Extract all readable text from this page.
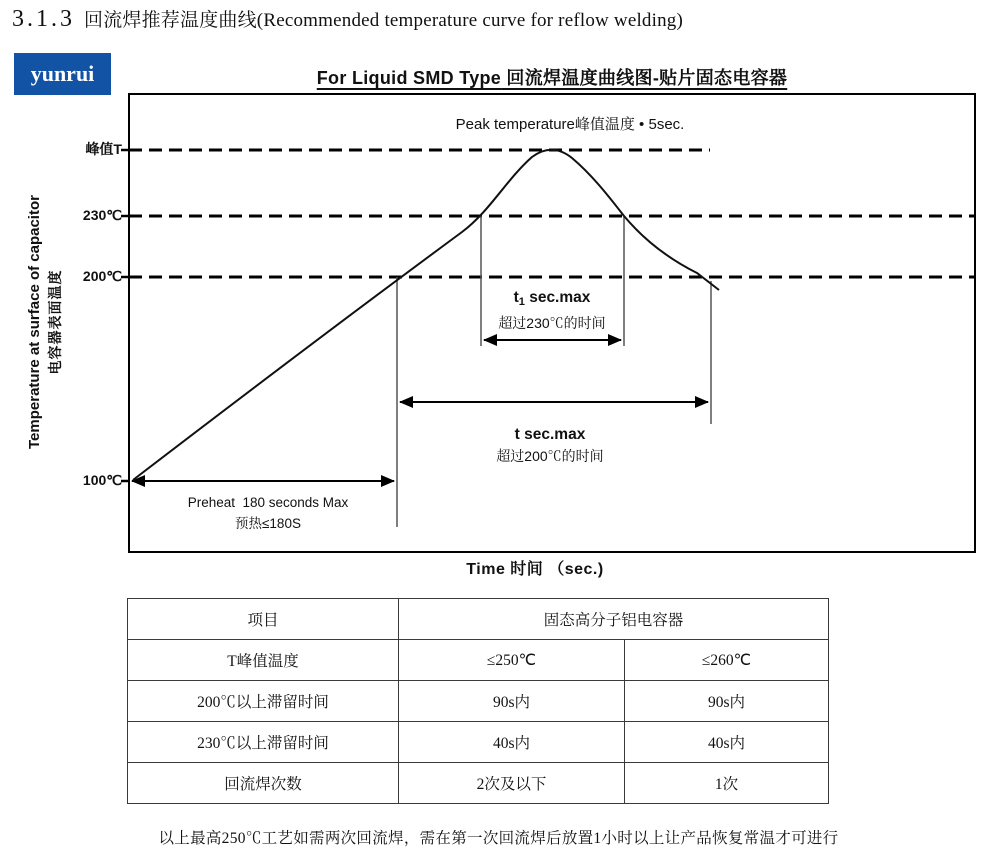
3.1.3 回流焊推荐温度曲线(Recommended temperature curve for reflow welding)
yunrui	For Liquid SMD Type 回流焊温度曲线图-贴片固态电容器
Temperature at surface of capacitor 电容器表面温度
峰值T
230℃
200℃
100℃
Peak temperature峰值温度 • 5sec.
$t_1$ sec.max
超过230℃的时间
t sec.max
超过200℃的时间
Preheat  180 seconds Max
预热≤180S
Time 时间 （sec.)
项目	固态高分子铝电容器	
T峰值温度	≤250℃	≤260℃
200℃以上滞留时间	90s内	90s内
230℃以上滞留时间	40s内	40s内
回流焊次数	2次及以下	1次
以上最高250℃工艺如需两次回流焊，需在第一次回流焊后放置1小时以上让产品恢复常温才可进行
